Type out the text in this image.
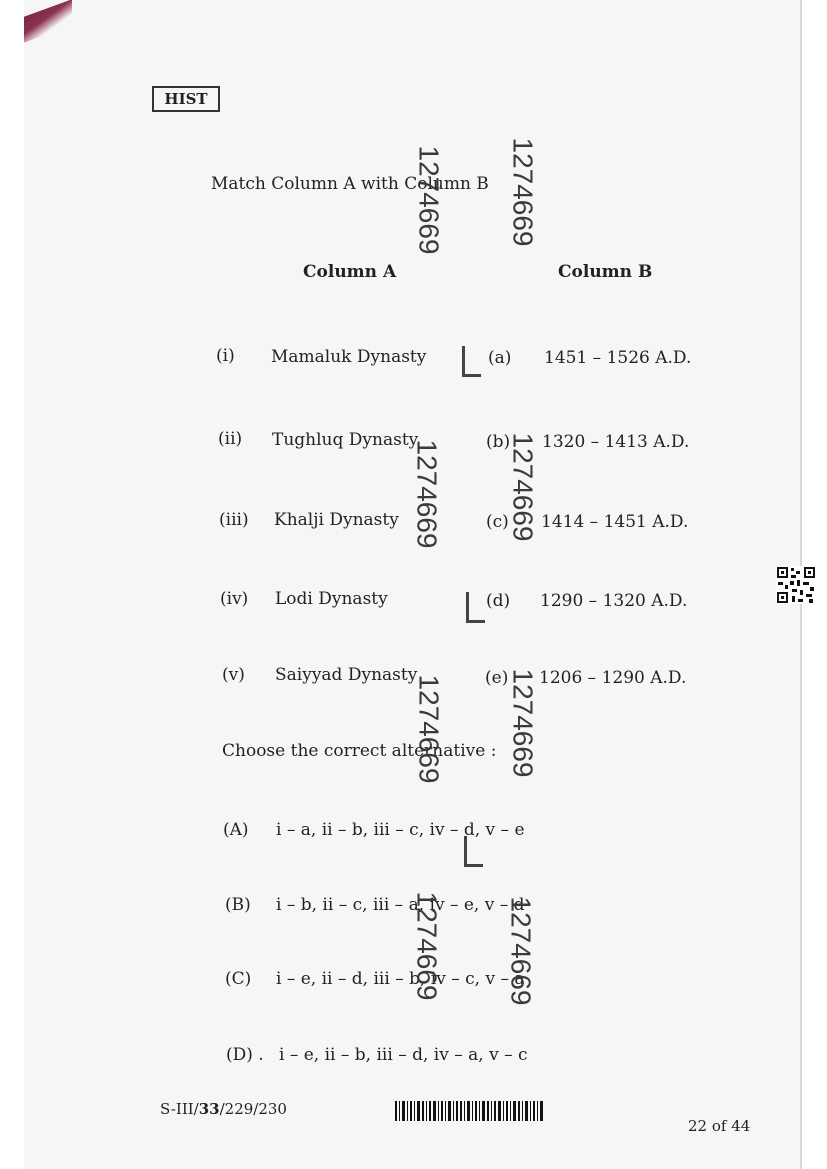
HIST
Match Column A with Column B
Column A	Column B
(i) Mamaluk Dynasty
(ii) Tughluq Dynasty
(iii) Khalji Dynasty
(iv) Lodi Dynasty
(v) Saiyyad Dynasty
(a) 1451 – 1526 A.D.
(b) 1320 – 1413 A.D.
(c) 1414 – 1451 A.D.
(d) 1290 – 1320 A.D.
(e) 1206 – 1290 A.D.
Choose the correct alternative :
(A) i – a, ii – b, iii – c, iv – d, v – e
(B) i – b, ii – c, iii – a, iv – e, v – d
(C) i – e, ii – d, iii – b, iv – c, v – a
(D) . i – e, ii – b, iii – d, iv – a, v – c
1274669 1274669
1274669 1274669
1274669 1274669
1274669 1274669
S-III/33/229/230
22 of 44
